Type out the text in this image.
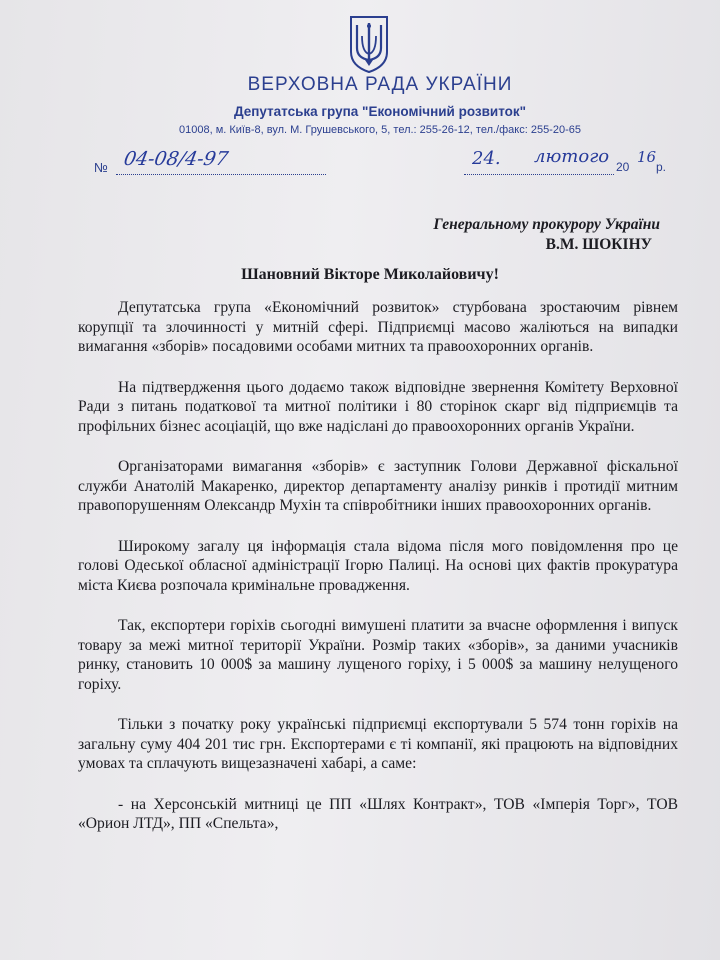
ВЕРХОВНА РАДА УКРАЇНИ
Депутатська група "Економічний розвиток"
01008, м. Київ-8, вул. М. Грушевського, 5, тел.: 255-26-12, тел./факс: 255-20-65
№ 04-08/4-97	24. лютого 20
16
р.
Генеральному прокурору України
В.М. ШОКІНУ
Шановний Вікторе Миколайовичу!

Депутатська група «Економічний розвиток» стурбована зростаючим рівнем корупції та злочинності у митній сфері. Підприємці масово жаліються на випадки вимагання «зборів» посадовими особами митних та правоохоронних органів.

На підтвердження цього додаємо також відповідне звернення Комітету Верховної Ради з питань податкової та митної політики і 80 сторінок скарг від підприємців та профільних бізнес асоціацій, що вже надіслані до правоохоронних органів України.

Організаторами вимагання «зборів» є заступник Голови Державної фіскальної служби Анатолій Макаренко, директор департаменту аналізу ринків і протидії митним правопорушенням Олександр Мухін та співробітники інших правоохоронних органів.

Широкому загалу ця інформація стала відома після мого повідомлення про це голові Одеської обласної адміністрації Ігорю Палиці. На основі цих фактів прокуратура міста Києва розпочала кримінальне провадження.

Так, експортери горіхів сьогодні вимушені платити за вчасне оформлення і випуск товару за межі митної території України. Розмір таких «зборів», за даними учасників ринку, становить 10 000$ за машину лущеного горіху, і 5 000$ за машину нелущеного горіху.

Тільки з початку року українські підприємці експортували 5 574 тонн горіхів на загальну суму 404 201 тис грн. Експортерами є ті компанії, які працюють на відповідних умовах та сплачують вищезазначені хабарі, а саме:

- на Херсонській митниці це ПП «Шлях Контракт», ТОВ «Імперія Торг», ТОВ «Орион ЛТД», ПП «Спельта»,
